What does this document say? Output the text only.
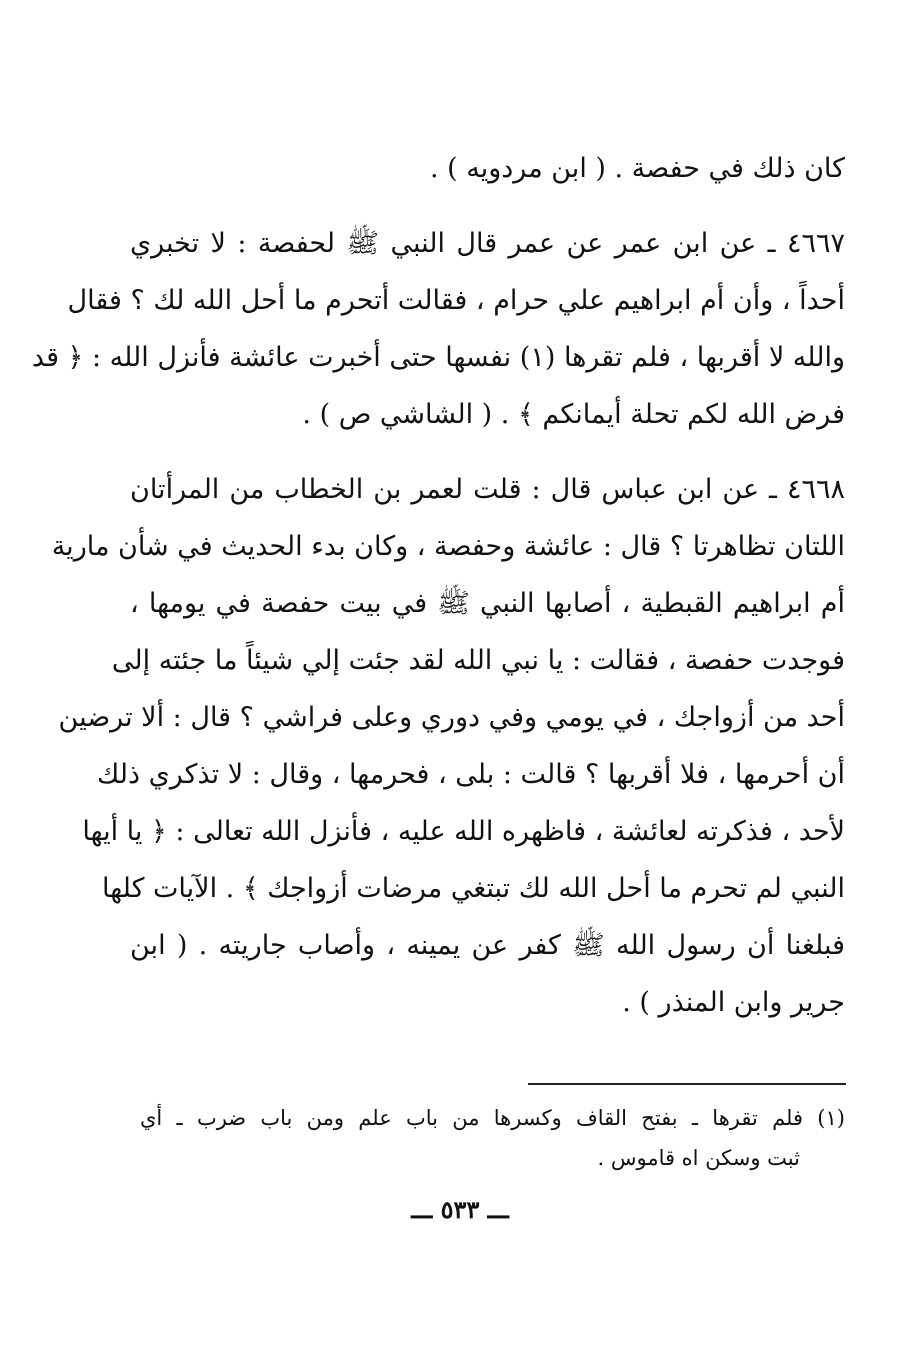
كان ذلك في حفصة . ( ابن مردويه ) .
٤٦٦٧ ـ عن ابن عمر عن عمر قال النبي ﷺ لحفصة : لا تخبري
أحداً ، وأن أم ابراهيم علي حرام ، فقالت أتحرم ما أحل الله لك ؟ فقال
والله لا أقربها ، فلم تقرها (١) نفسها حتى أخبرت عائشة فأنزل الله : ﴿ قد
فرض الله لكم تحلة أيمانكم ﴾ . ( الشاشي ص ) .
٤٦٦٨ ـ عن ابن عباس قال : قلت لعمر بن الخطاب من المرأتان
اللتان تظاهرتا ؟ قال : عائشة وحفصة ، وكان بدء الحديث في شأن مارية
أم ابراهيم القبطية ، أصابها النبي ﷺ في بيت حفصة في يومها ،
فوجدت حفصة ، فقالت : يا نبي الله لقد جئت إلي شيئاً ما جئته إلى
أحد من أزواجك ، في يومي وفي دوري وعلى فراشي ؟ قال : ألا ترضين
أن أحرمها ، فلا أقربها ؟ قالت : بلى ، فحرمها ، وقال : لا تذكري ذلك
لأحد ، فذكرته لعائشة ، فاظهره الله عليه ، فأنزل الله تعالى : ﴿ يا أيها
النبي لم تحرم ما أحل الله لك تبتغي مرضات أزواجك ﴾ . الآيات كلها
فبلغنا أن رسول الله ﷺ كفر عن يمينه ، وأصاب جاريته . ( ابن
جرير وابن المنذر ) .
(١) فلم تقرها ـ بفتح القاف وكسرها من باب علم ومن باب ضرب ـ أي
ثبت وسكن اه قاموس .
ـــ ٥٣٣ ـــ
